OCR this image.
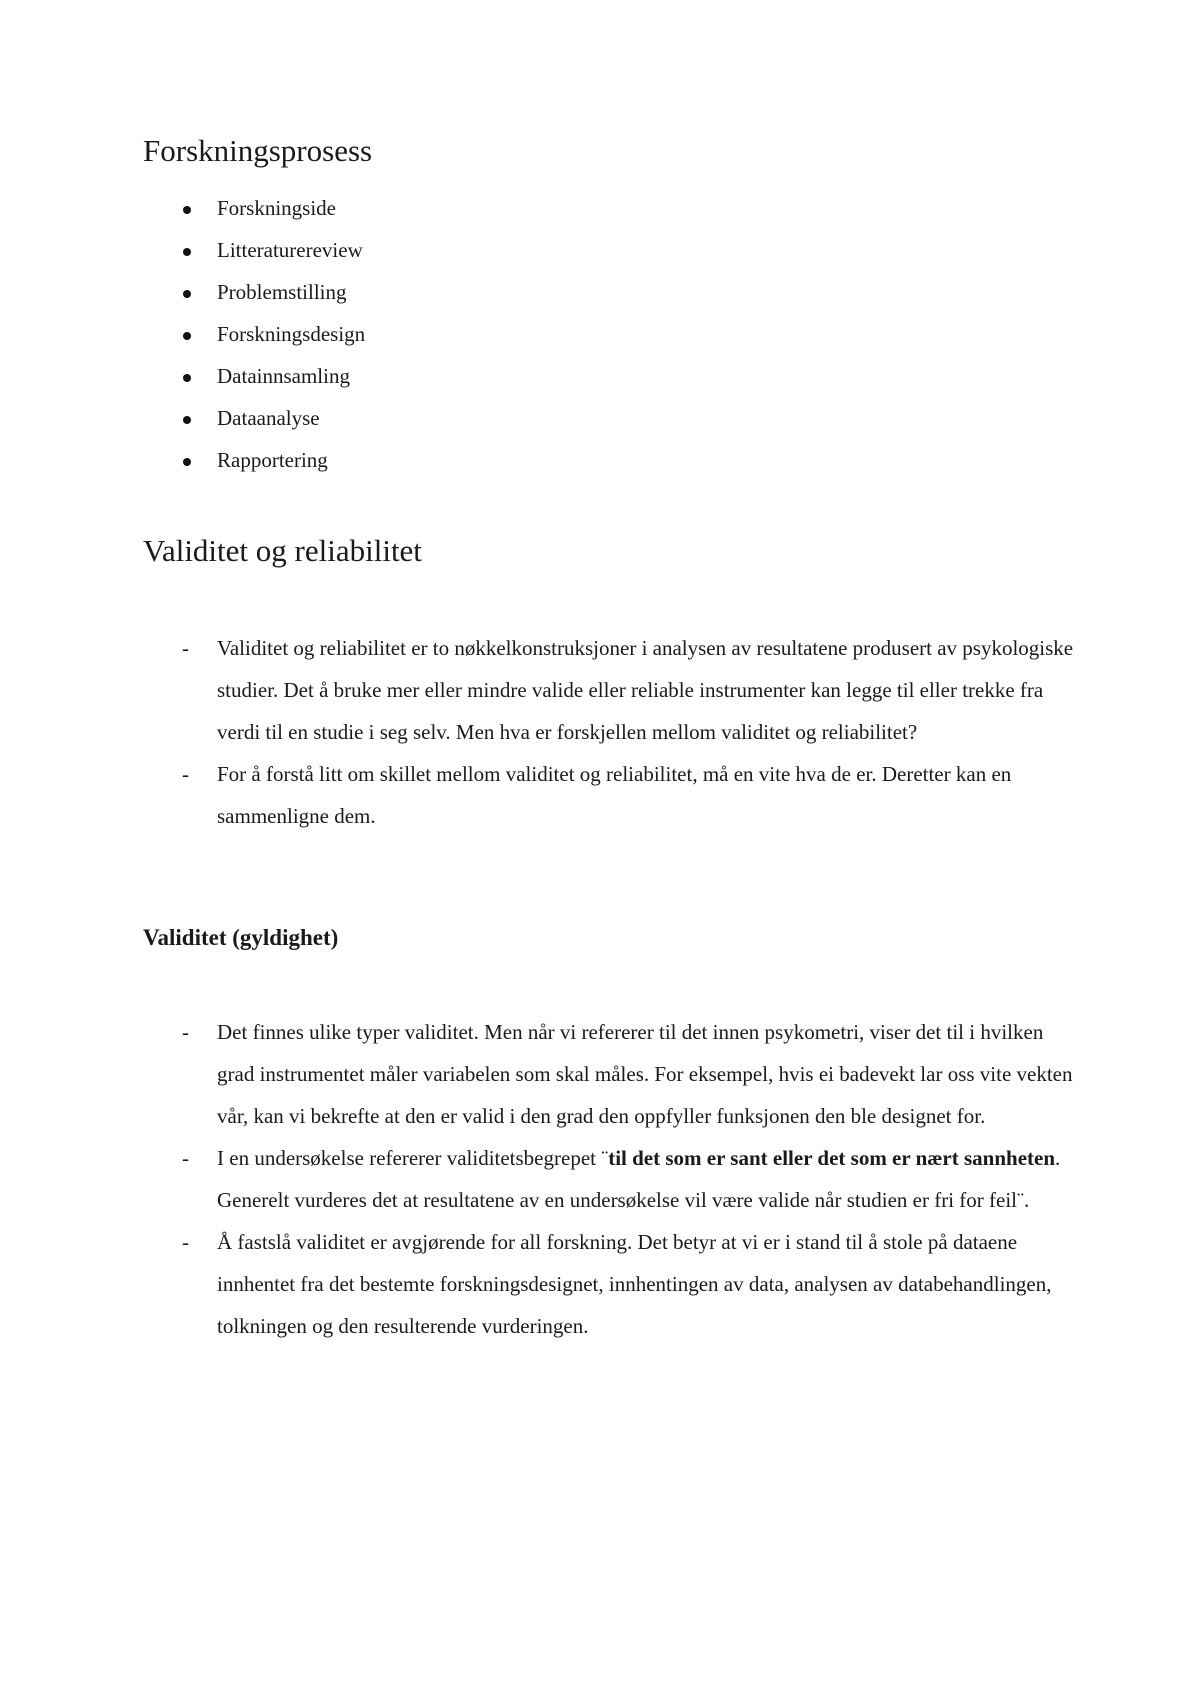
Forskningsprosess
Forskningside
Litteraturereview
Problemstilling
Forskningsdesign
Datainnsamling
Dataanalyse
Rapportering
Validitet og reliabilitet
- Validitet og reliabilitet er to nøkkelkonstruksjoner i analysen av resultatene produsert av psykologiske studier. Det å bruke mer eller mindre valide eller reliable instrumenter kan legge til eller trekke fra verdi til en studie i seg selv. Men hva er forskjellen mellom validitet og reliabilitet?
- For å forstå litt om skillet mellom validitet og reliabilitet, må en vite hva de er. Deretter kan en sammenligne dem.
Validitet (gyldighet)
- Det finnes ulike typer validitet. Men når vi refererer til det innen psykometri, viser det til i hvilken grad instrumentet måler variabelen som skal måles. For eksempel, hvis ei badevekt lar oss vite vekten vår, kan vi bekrefte at den er valid i den grad den oppfyller funksjonen den ble designet for.
- I en undersøkelse refererer validitetsbegrepet ¨til det som er sant eller det som er nært sannheten. Generelt vurderes det at resultatene av en undersøkelse vil være valide når studien er fri for feil¨.
- Å fastslå validitet er avgjørende for all forskning. Det betyr at vi er i stand til å stole på dataene innhentet fra det bestemte forskningsdesignet, innhentingen av data, analysen av databehandlingen, tolkningen og den resulterende vurderingen.
